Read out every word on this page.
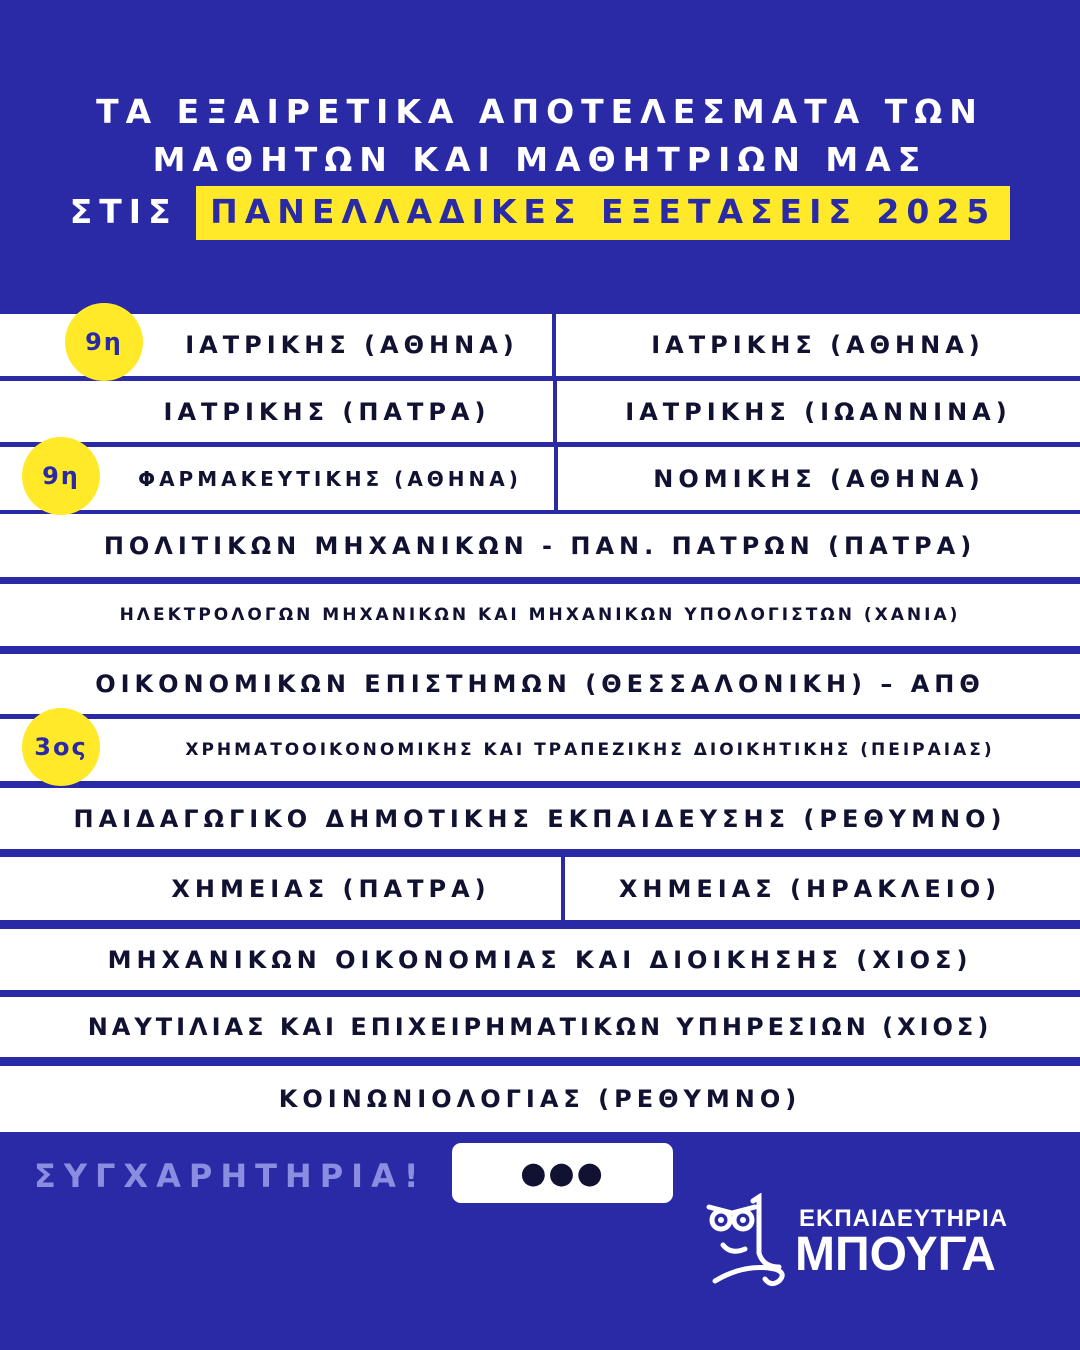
ΤΑ ΕΞΑΙΡΕΤΙΚΑ ΑΠΟΤΕΛΕΣΜΑΤΑ ΤΩΝ
ΜΑΘΗΤΩΝ ΚΑΙ ΜΑΘΗΤΡΙΩΝ ΜΑΣ
ΣΤΙΣ ΠΑΝΕΛΛΑΔΙΚΕΣ ΕΞΕΤΑΣΕΙΣ 2025
ΙΑΤΡΙΚΗΣ (ΑΘΗΝΑ)	ΙΑΤΡΙΚΗΣ (ΑΘΗΝΑ)
9η
ΙΑΤΡΙΚΗΣ (ΠΑΤΡΑ)	ΙΑΤΡΙΚΗΣ (ΙΩΑΝΝΙΝΑ)
ΦΑΡΜΑΚΕΥΤΙΚΗΣ (ΑΘΗΝΑ)	ΝΟΜΙΚΗΣ (ΑΘΗΝΑ)
9η
ΠΟΛΙΤΙΚΩΝ ΜΗΧΑΝΙΚΩΝ - ΠΑΝ. ΠΑΤΡΩΝ (ΠΑΤΡΑ)
ΗΛΕΚΤΡΟΛΟΓΩΝ ΜΗΧΑΝΙΚΩΝ ΚΑΙ ΜΗΧΑΝΙΚΩΝ ΥΠΟΛΟΓΙΣΤΩΝ (ΧΑΝΙΑ)
ΟΙΚΟΝΟΜΙΚΩΝ ΕΠΙΣΤΗΜΩΝ (ΘΕΣΣΑΛΟΝΙΚΗ) – ΑΠΘ
ΧΡΗΜΑΤΟΟΙΚΟΝΟΜΙΚΗΣ ΚΑΙ ΤΡΑΠΕΖΙΚΗΣ ΔΙΟΙΚΗΤΙΚΗΣ (ΠΕΙΡΑΙΑΣ)
3ος
ΠΑΙΔΑΓΩΓΙΚΟ ΔΗΜΟΤΙΚΗΣ ΕΚΠΑΙΔΕΥΣΗΣ (ΡΕΘΥΜΝΟ)
ΧΗΜΕΙΑΣ (ΠΑΤΡΑ)	ΧΗΜΕΙΑΣ (ΗΡΑΚΛΕΙΟ)
ΜΗΧΑΝΙΚΩΝ ΟΙΚΟΝΟΜΙΑΣ ΚΑΙ ΔΙΟΙΚΗΣΗΣ (ΧΙΟΣ)
ΝΑΥΤΙΛΙΑΣ ΚΑΙ ΕΠΙΧΕΙΡΗΜΑΤΙΚΩΝ ΥΠΗΡΕΣΙΩΝ (ΧΙΟΣ)
ΚΟΙΝΩΝΙΟΛΟΓΙΑΣ (ΡΕΘΥΜΝΟ)
ΣΥΓΧΑΡΗΤΗΡΙΑ!	●●●
ΕΚΠΑΙΔΕΥΤΗΡΙΑ
ΜΠΟΥΓΑ
